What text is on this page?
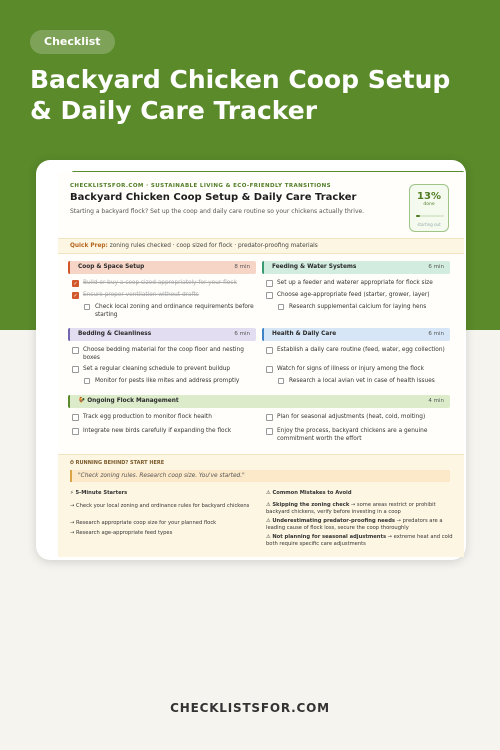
Checklist
Backyard Chicken Coop Setup & Daily Care Tracker
CHECKLISTSFOR.COM · SUSTAINABLE LIVING & ECO-FRIENDLY TRANSITIONS
Backyard Chicken Coop Setup & Daily Care Tracker
Starting a backyard flock? Set up the coop and daily care routine so your chickens actually thrive.
13%
done
starting out
Quick Prep: zoning rules checked · coop sized for flock · predator-proofing materials
Coop & Space Setup	8 min
✓ Build or buy a coop sized appropriately for your flock
✓ Ensure proper ventilation without drafts
Check local zoning and ordinance requirements before starting
Feeding & Water Systems	6 min
Set up a feeder and waterer appropriate for flock size
Choose age-appropriate feed (starter, grower, layer)
Research supplemental calcium for laying hens
Bedding & Cleanliness	6 min
Choose bedding material for the coop floor and nesting boxes
Set a regular cleaning schedule to prevent buildup
Monitor for pests like mites and address promptly
Health & Daily Care	6 min
Establish a daily care routine (feed, water, egg collection)
Watch for signs of illness or injury among the flock
Research a local avian vet in case of health issues
🐓 Ongoing Flock Management	4 min
Track egg production to monitor flock health
Integrate new birds carefully if expanding the flock
Plan for seasonal adjustments (heat, cold, molting)
Enjoy the process, backyard chickens are a genuine commitment worth the effort
⏱ RUNNING BEHIND? START HERE
"Check zoning rules. Research coop size. You've started."
⚡ 5-Minute Starters
→ Check your local zoning and ordinance rules for backyard chickens
→ Research appropriate coop size for your planned flock
→ Research age-appropriate feed types
⚠ Common Mistakes to Avoid
⚠ Skipping the zoning check → some areas restrict or prohibit backyard chickens, verify before investing in a coop
⚠ Underestimating predator-proofing needs → predators are a leading cause of flock loss, secure the coop thoroughly
⚠ Not planning for seasonal adjustments → extreme heat and cold both require specific care adjustments
CHECKLISTSFOR.COM
